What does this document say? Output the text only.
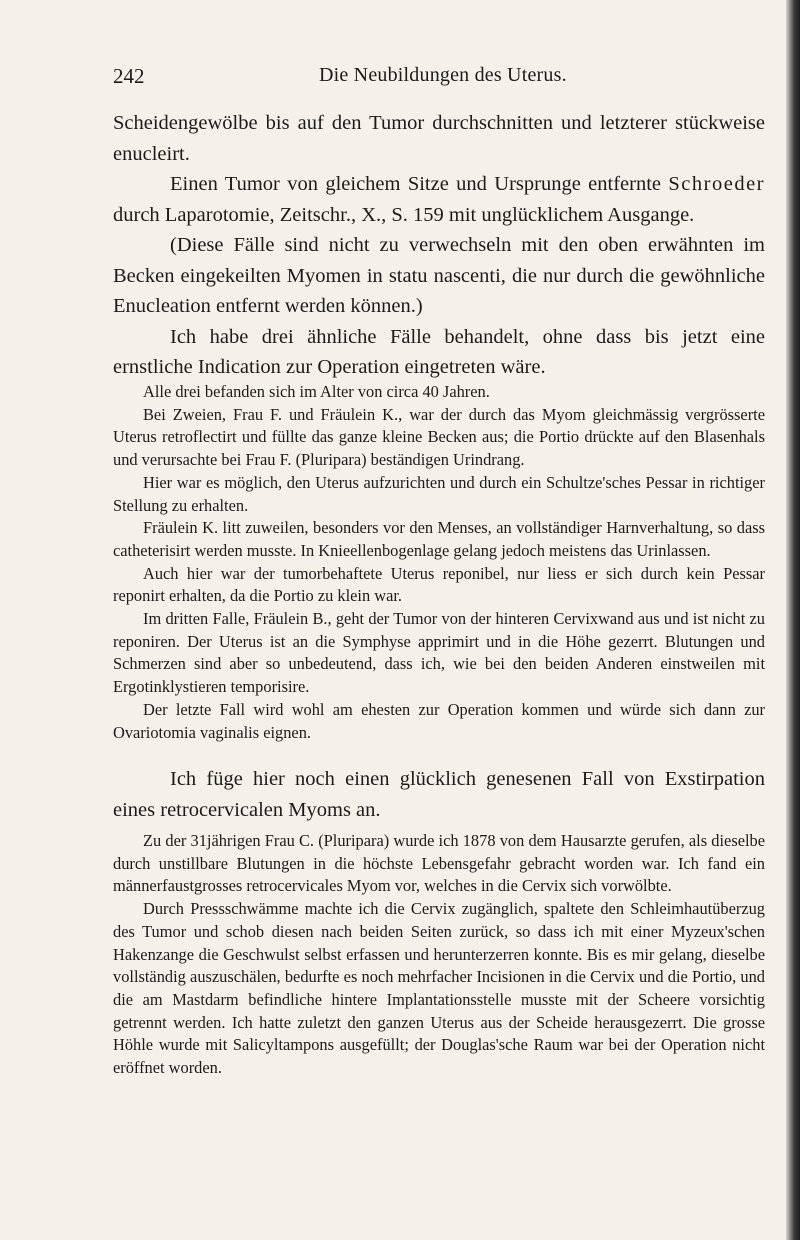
242	Die Neubildungen des Uterus.

Scheidengewölbe bis auf den Tumor durchschnitten und letzterer stückweise enucleirt.

Einen Tumor von gleichem Sitze und Ursprunge entfernte Schroeder durch Laparotomie, Zeitschr., X., S. 159 mit unglücklichem Ausgange.

(Diese Fälle sind nicht zu verwechseln mit den oben erwähnten im Becken eingekeilten Myomen in statu nascenti, die nur durch die gewöhnliche Enucleation entfernt werden können.)

Ich habe drei ähnliche Fälle behandelt, ohne dass bis jetzt eine ernstliche Indication zur Operation eingetreten wäre.

Alle drei befanden sich im Alter von circa 40 Jahren.

Bei Zweien, Frau F. und Fräulein K., war der durch das Myom gleichmässig vergrösserte Uterus retroflectirt und füllte das ganze kleine Becken aus; die Portio drückte auf den Blasenhals und verursachte bei Frau F. (Pluripara) beständigen Urindrang.

Hier war es möglich, den Uterus aufzurichten und durch ein Schultze'sches Pessar in richtiger Stellung zu erhalten.

Fräulein K. litt zuweilen, besonders vor den Menses, an vollständiger Harnverhaltung, so dass catheterisirt werden musste. In Knieellenbogenlage gelang jedoch meistens das Urinlassen.

Auch hier war der tumorbehaftete Uterus reponibel, nur liess er sich durch kein Pessar reponirt erhalten, da die Portio zu klein war.

Im dritten Falle, Fräulein B., geht der Tumor von der hinteren Cervixwand aus und ist nicht zu reponiren. Der Uterus ist an die Symphyse apprimirt und in die Höhe gezerrt. Blutungen und Schmerzen sind aber so unbedeutend, dass ich, wie bei den beiden Anderen einstweilen mit Ergotinklystieren temporisire.

Der letzte Fall wird wohl am ehesten zur Operation kommen und würde sich dann zur Ovariotomia vaginalis eignen.

Ich füge hier noch einen glücklich genesenen Fall von Exstirpation eines retrocervicalen Myoms an.

Zu der 31jährigen Frau C. (Pluripara) wurde ich 1878 von dem Hausarzte gerufen, als dieselbe durch unstillbare Blutungen in die höchste Lebensgefahr gebracht worden war. Ich fand ein männerfaustgrosses retrocervicales Myom vor, welches in die Cervix sich vorwölbte.

Durch Pressschwämme machte ich die Cervix zugänglich, spaltete den Schleimhautüberzug des Tumor und schob diesen nach beiden Seiten zurück, so dass ich mit einer Myzeux'schen Hakenzange die Geschwulst selbst erfassen und herunterzerren konnte. Bis es mir gelang, dieselbe vollständig auszuschälen, bedurfte es noch mehrfacher Incisionen in die Cervix und die Portio, und die am Mastdarm befindliche hintere Implantationsstelle musste mit der Scheere vorsichtig getrennt werden. Ich hatte zuletzt den ganzen Uterus aus der Scheide herausgezerrt. Die grosse Höhle wurde mit Salicyltampons ausgefüllt; der Douglas'sche Raum war bei der Operation nicht eröffnet worden.
